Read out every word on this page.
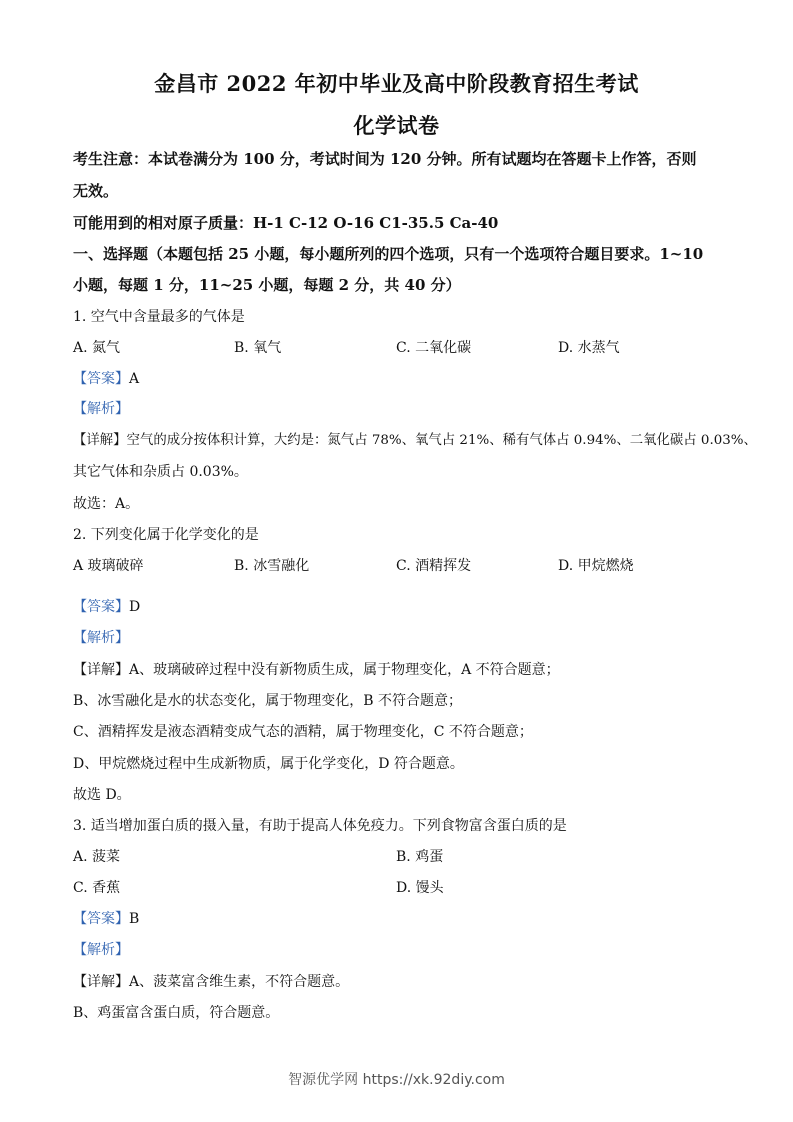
金昌市 2022 年初中毕业及高中阶段教育招生考试
化学试卷
考生注意：本试卷满分为 100 分，考试时间为 120 分钟。所有试题均在答题卡上作答，否则
无效。
可能用到的相对原子质量：H-1 C-12 O-16 C1-35.5 Ca-40
一、选择题（本题包括 25 小题，每小题所列的四个选项，只有一个选项符合题目要求。1~10
小题，每题 1 分，11~25 小题，每题 2 分，共 40 分）
1. 空气中含量最多的气体是
A. 氮气	B. 氧气	C. 二氧化碳	D. 水蒸气
【答案】A
【解析】
【详解】空气的成分按体积计算，大约是：氮气占 78%、氧气占 21%、稀有气体占 0.94%、二氧化碳占 0.03%、
其它气体和杂质占 0.03%。
故选：A。
2. 下列变化属于化学变化的是
A 玻璃破碎	B. 冰雪融化	C. 酒精挥发	D. 甲烷燃烧
【答案】D
【解析】
【详解】A、玻璃破碎过程中没有新物质生成，属于物理变化，A 不符合题意；
B、冰雪融化是水的状态变化，属于物理变化，B 不符合题意；
C、酒精挥发是液态酒精变成气态的酒精，属于物理变化，C 不符合题意；
D、甲烷燃烧过程中生成新物质，属于化学变化，D 符合题意。
故选 D。
3. 适当增加蛋白质的摄入量，有助于提高人体免疫力。下列食物富含蛋白质的是
A. 菠菜	B. 鸡蛋
C. 香蕉	D. 馒头
【答案】B
【解析】
【详解】A、菠菜富含维生素，不符合题意。
B、鸡蛋富含蛋白质，符合题意。
智源优学网 https://xk.92diy.com
